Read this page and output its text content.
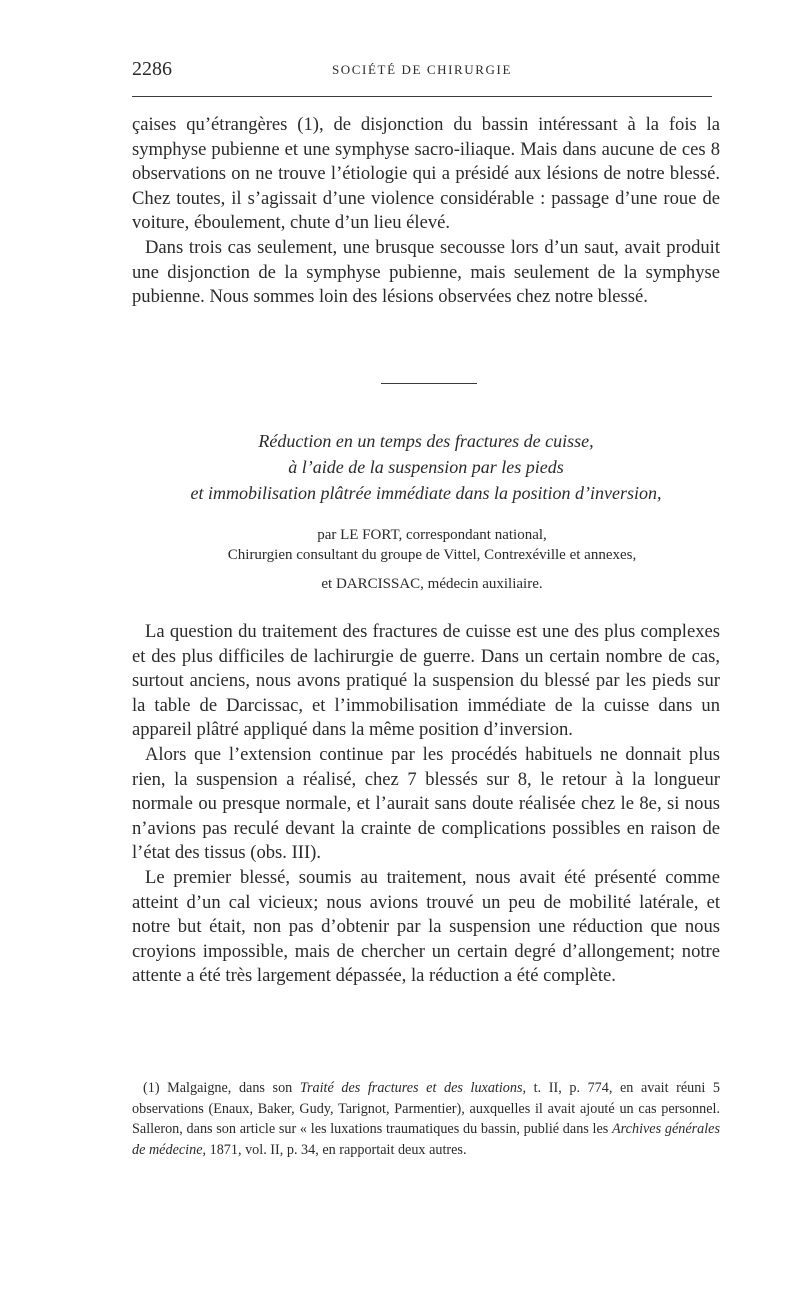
2286	SOCIÉTÉ DE CHIRURGIE

çaises qu’étrangères (1), de disjonction du bassin intéressant à la fois la symphyse pubienne et une symphyse sacro-iliaque. Mais dans aucune de ces 8 observations on ne trouve l’étiologie qui a présidé aux lésions de notre blessé. Chez toutes, il s’agissait d’une violence considérable : passage d’une roue de voiture, éboulement, chute d’un lieu élevé.

Dans trois cas seulement, une brusque secousse lors d’un saut, avait produit une disjonction de la symphyse pubienne, mais seulement de la symphyse pubienne. Nous sommes loin des lésions observées chez notre blessé.

Réduction en un temps des fractures de cuisse,
à l’aide de la suspension par les pieds
et immobilisation plâtrée immédiate dans la position d’inversion,
par LE FORT, correspondant national,
Chirurgien consultant du groupe de Vittel, Contrexéville et annexes,
et DARCISSAC, médecin auxiliaire.

La question du traitement des fractures de cuisse est une des plus complexes et des plus difficiles de lachirurgie de guerre. Dans un certain nombre de cas, surtout anciens, nous avons pratiqué la suspension du blessé par les pieds sur la table de Darcissac, et l’immobilisation immédiate de la cuisse dans un appareil plâtré appliqué dans la même position d’inversion.

Alors que l’extension continue par les procédés habituels ne donnait plus rien, la suspension a réalisé, chez 7 blessés sur 8, le retour à la longueur normale ou presque normale, et l’aurait sans doute réalisée chez le 8e, si nous n’avions pas reculé devant la crainte de complications possibles en raison de l’état des tissus (obs. III).

Le premier blessé, soumis au traitement, nous avait été présenté comme atteint d’un cal vicieux; nous avions trouvé un peu de mobilité latérale, et notre but était, non pas d’obtenir par la suspension une réduction que nous croyions impossible, mais de chercher un certain degré d’allongement; notre attente a été très largement dépassée, la réduction a été complète.

(1) Malgaigne, dans son Traité des fractures et des luxations, t. II, p. 774, en avait réuni 5 observations (Enaux, Baker, Gudy, Tarignot, Parmentier), auxquelles il avait ajouté un cas personnel. Salleron, dans son article sur « les luxations traumatiques du bassin, publié dans les Archives générales de médecine, 1871, vol. II, p. 34, en rapportait deux autres.
